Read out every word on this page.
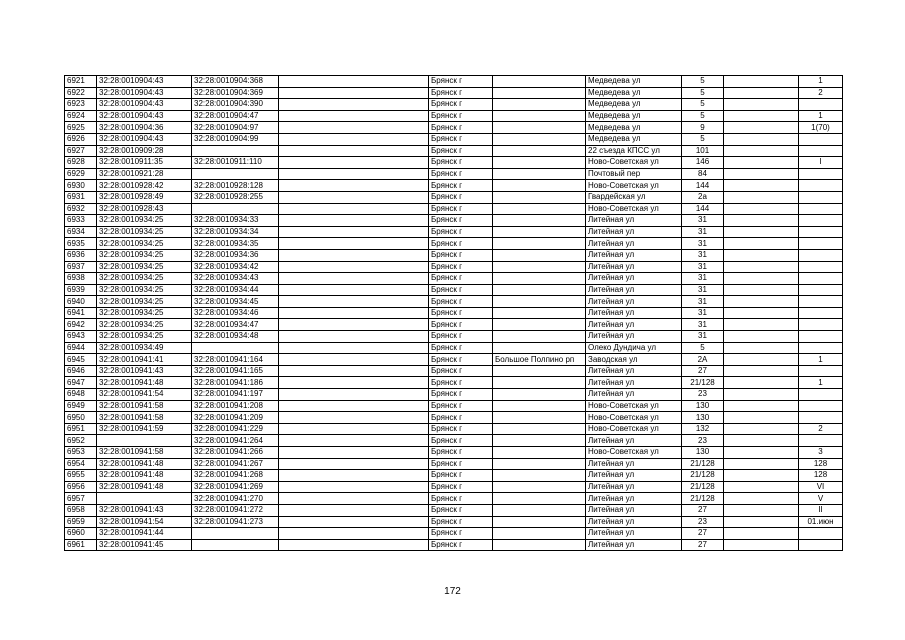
6921	32:28:0010904:43	32:28:0010904:368		Брянск г		Медведева ул	5		1
6922	32:28:0010904:43	32:28:0010904:369		Брянск г		Медведева ул	5		2
6923	32:28:0010904:43	32:28:0010904:390		Брянск г		Медведева ул	5		
6924	32:28:0010904:43	32:28:0010904:47		Брянск г		Медведева ул	5		1
6925	32:28:0010904:36	32:28:0010904:97		Брянск г		Медведева ул	9		1(70)
6926	32:28:0010904:43	32:28:0010904:99		Брянск г		Медведева ул	5		
6927	32:28:0010909:28			Брянск г		22 съезда КПСС ул	101		
6928	32:28:0010911:35	32:28:0010911:110		Брянск г		Ново-Советская ул	146		I
6929	32:28:0010921:28			Брянск г		Почтовый пер	84		
6930	32:28:0010928:42	32:28:0010928:128		Брянск г		Ново-Советская ул	144		
6931	32:28:0010928:49	32:28:0010928:255		Брянск г		Гвардейская ул	2а		
6932	32:28:0010928:43			Брянск г		Ново-Советская ул	144		
6933	32:28:0010934:25	32:28:0010934:33		Брянск г		Литейная ул	31		
6934	32:28:0010934:25	32:28:0010934:34		Брянск г		Литейная ул	31		
6935	32:28:0010934:25	32:28:0010934:35		Брянск г		Литейная ул	31		
6936	32:28:0010934:25	32:28:0010934:36		Брянск г		Литейная ул	31		
6937	32:28:0010934:25	32:28:0010934:42		Брянск г		Литейная ул	31		
6938	32:28:0010934:25	32:28:0010934:43		Брянск г		Литейная ул	31		
6939	32:28:0010934:25	32:28:0010934:44		Брянск г		Литейная ул	31		
6940	32:28:0010934:25	32:28:0010934:45		Брянск г		Литейная ул	31		
6941	32:28:0010934:25	32:28:0010934:46		Брянск г		Литейная ул	31		
6942	32:28:0010934:25	32:28:0010934:47		Брянск г		Литейная ул	31		
6943	32:28:0010934:25	32:28:0010934:48		Брянск г		Литейная ул	31		
6944	32:28:0010934:49			Брянск г		Олеко Дундича ул	5		
6945	32:28:0010941:41	32:28:0010941:164		Брянск г	Большое Полпино рп	Заводская ул	2А		1
6946	32:28:0010941:43	32:28:0010941:165		Брянск г		Литейная ул	27		
6947	32:28:0010941:48	32:28:0010941:186		Брянск г		Литейная ул	21/128		1
6948	32:28:0010941:54	32:28:0010941:197		Брянск г		Литейная ул	23		
6949	32:28:0010941:58	32:28:0010941:208		Брянск г		Ново-Советская ул	130		
6950	32:28:0010941:58	32:28:0010941:209		Брянск г		Ново-Советская ул	130		
6951	32:28:0010941:59	32:28:0010941:229		Брянск г		Ново-Советская ул	132		2
6952		32:28:0010941:264		Брянск г		Литейная ул	23		
6953	32:28:0010941:58	32:28:0010941:266		Брянск г		Ново-Советская ул	130		3
6954	32:28:0010941:48	32:28:0010941:267		Брянск г		Литейная ул	21/128		128
6955	32:28:0010941:48	32:28:0010941:268		Брянск г		Литейная ул	21/128		128
6956	32:28:0010941:48	32:28:0010941:269		Брянск г		Литейная ул	21/128		VI
6957		32:28:0010941:270		Брянск г		Литейная ул	21/128		V
6958	32:28:0010941:43	32:28:0010941:272		Брянск г		Литейная ул	27		II
6959	32:28:0010941:54	32:28:0010941:273		Брянск г		Литейная ул	23		01.июн
6960	32:28:0010941:44			Брянск г		Литейная ул	27		
6961	32:28:0010941:45			Брянск г		Литейная ул	27		
172
